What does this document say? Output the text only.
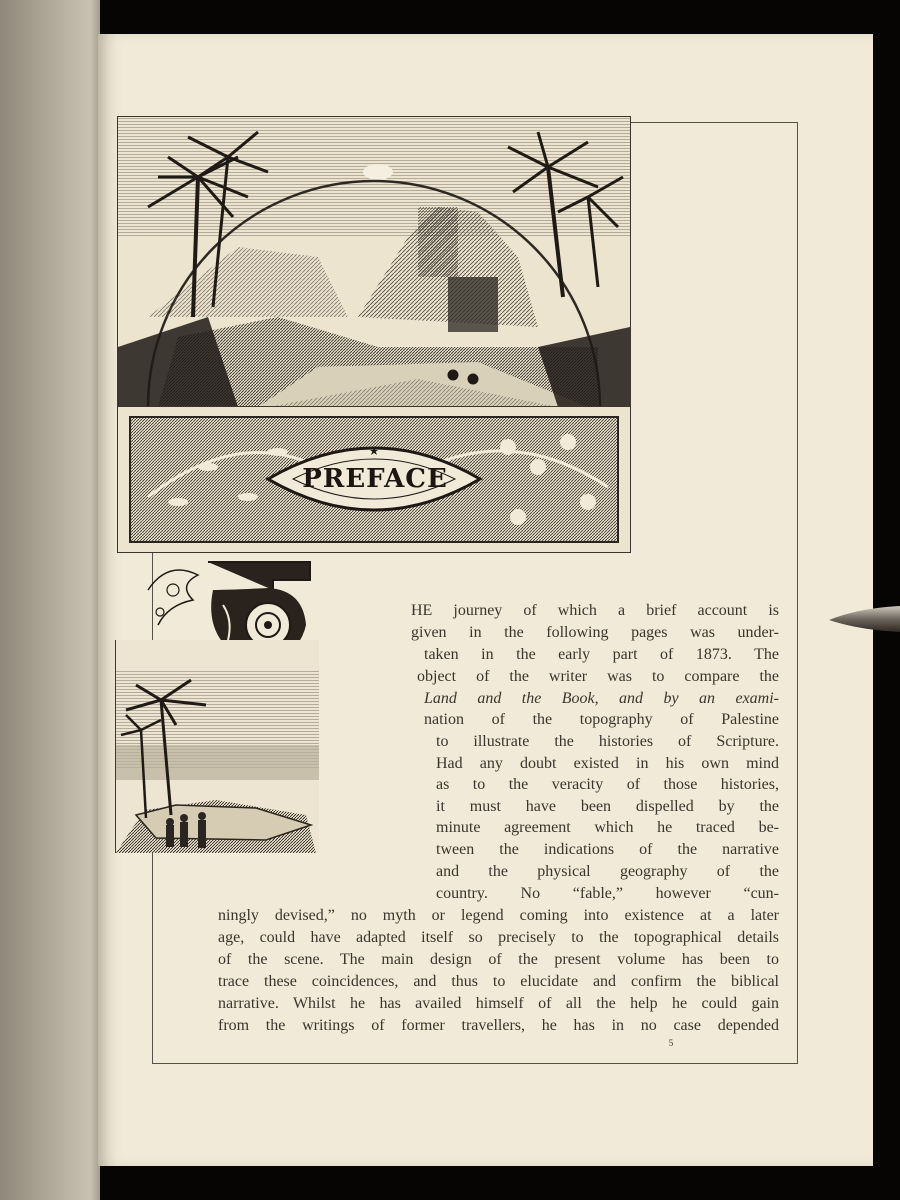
5
PREFACE
HE journey of which a brief account is
given in the following pages was under-
taken in the early part of 1873. The
object of the writer was to compare the
Land and the Book, and by an exami-
nation of the topography of Palestine
to illustrate the histories of Scripture.
Had any doubt existed in his own mind
as to the veracity of those histories,
it must have been dispelled by the
minute agreement which he traced be-
tween the indications of the narrative
and the physical geography of the
country. No “fable,” however “cun-
ningly devised,” no myth or legend coming into existence at a later
age, could have adapted itself so precisely to the topographical details
of the scene. The main design of the present volume has been to
trace these coincidences, and thus to elucidate and confirm the biblical
narrative. Whilst he has availed himself of all the help he could gain
from the writings of former travellers, he has in no case depended
